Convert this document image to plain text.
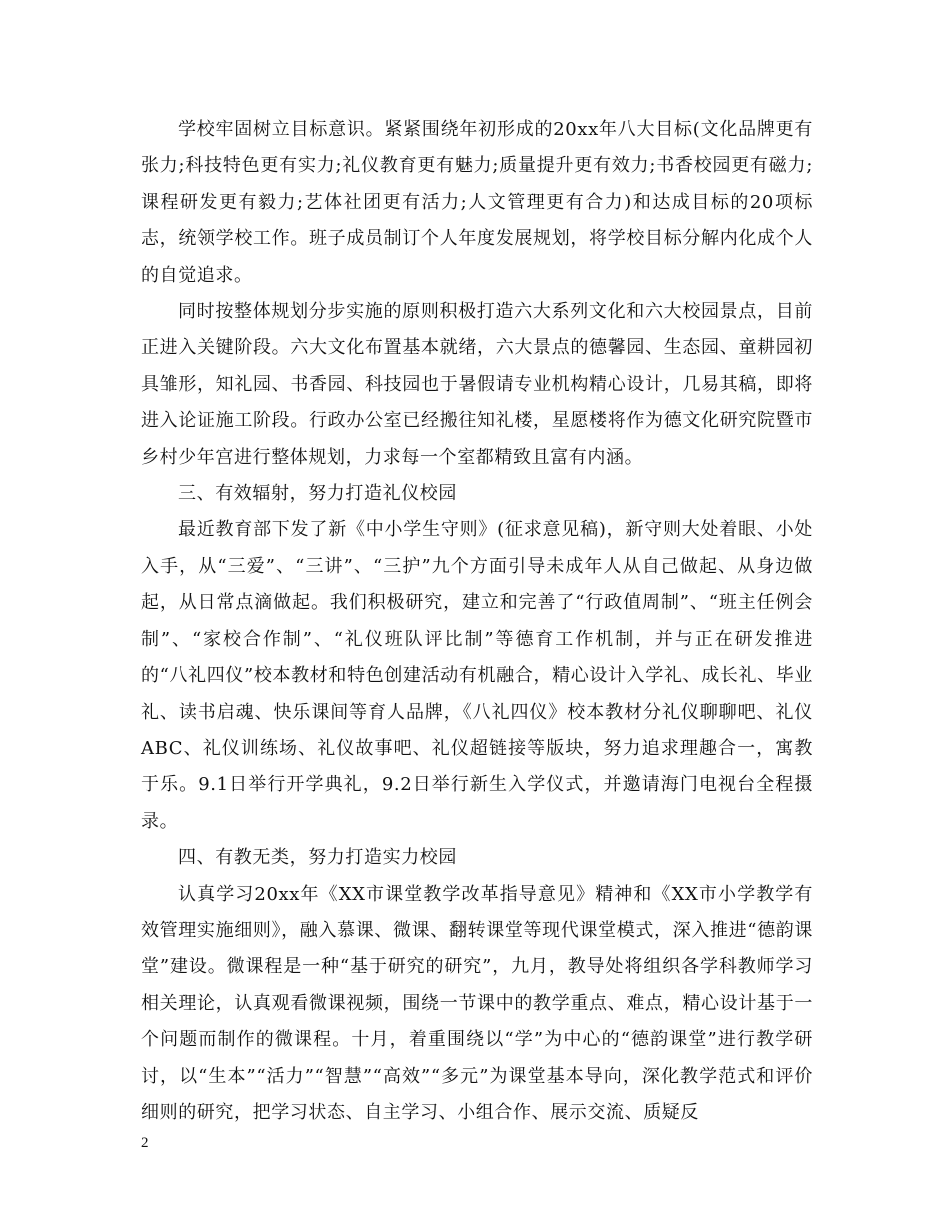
学校牢固树立目标意识。紧紧围绕年初形成的20xx年八大目标(文化品牌更有张力;科技特色更有实力;礼仪教育更有魅力;质量提升更有效力;书香校园更有磁力;课程研发更有毅力;艺体社团更有活力;人文管理更有合力)和达成目标的20项标志，统领学校工作。班子成员制订个人年度发展规划，将学校目标分解内化成个人的自觉追求。

同时按整体规划分步实施的原则积极打造六大系列文化和六大校园景点，目前正进入关键阶段。六大文化布置基本就绪，六大景点的德馨园、生态园、童耕园初具雏形，知礼园、书香园、科技园也于暑假请专业机构精心设计，几易其稿，即将进入论证施工阶段。行政办公室已经搬往知礼楼，星愿楼将作为德文化研究院暨市乡村少年宫进行整体规划，力求每一个室都精致且富有内涵。

三、有效辐射，努力打造礼仪校园

最近教育部下发了新《中小学生守则》(征求意见稿)，新守则大处着眼、小处入手，从“三爱”、“三讲”、“三护”九个方面引导未成年人从自己做起、从身边做起，从日常点滴做起。我们积极研究，建立和完善了“行政值周制”、“班主任例会制”、“家校合作制”、“礼仪班队评比制”等德育工作机制，并与正在研发推进的“八礼四仪”校本教材和特色创建活动有机融合，精心设计入学礼、成长礼、毕业礼、读书启魂、快乐课间等育人品牌，《八礼四仪》校本教材分礼仪聊聊吧、礼仪ABC、礼仪训练场、礼仪故事吧、礼仪超链接等版块，努力追求理趣合一，寓教于乐。9.1日举行开学典礼，9.2日举行新生入学仪式，并邀请海门电视台全程摄录。

四、有教无类，努力打造实力校园

认真学习20xx年《XX市课堂教学改革指导意见》精神和《XX市小学教学有效管理实施细则》，融入慕课、微课、翻转课堂等现代课堂模式，深入推进“德韵课堂”建设。微课程是一种“基于研究的研究”，九月，教导处将组织各学科教师学习相关理论，认真观看微课视频，围绕一节课中的教学重点、难点，精心设计基于一个问题而制作的微课程。十月，着重围绕以“学”为中心的“德韵课堂”进行教学研讨，以“生本”“活力”“智慧”“高效”“多元”为课堂基本导向，深化教学范式和评价细则的研究，把学习状态、自主学习、小组合作、展示交流、质疑反

2
